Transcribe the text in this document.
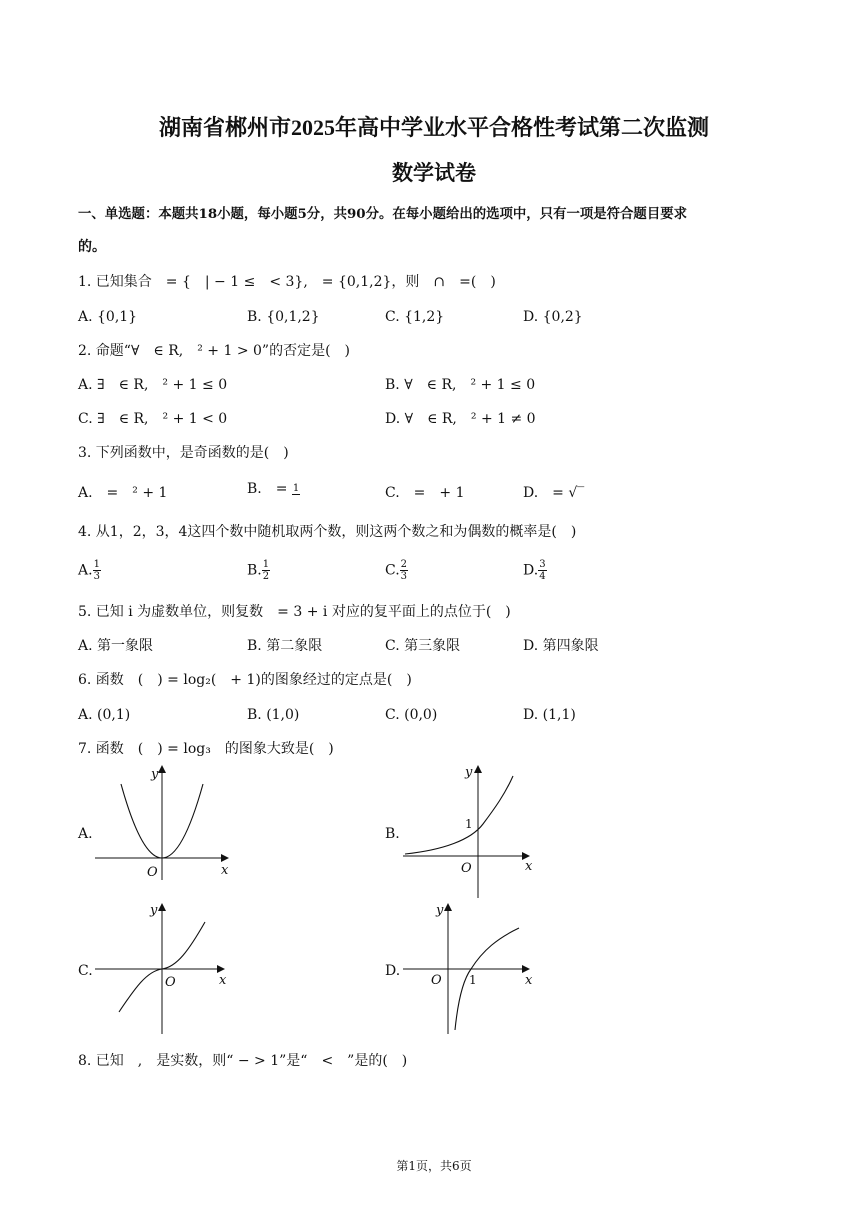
湖南省郴州市2025年高中学业水平合格性考试第二次监测
数学试卷
一、单选题：本题共18小题，每小题5分，共90分。在每小题给出的选项中，只有一项是符合题目要求
的。
1. 已知集合　= {　| − 1 ≤　< 3},　= {0,1,2}，则　∩　=(　)
A. {0,1}	B. {0,1,2}	C. {1,2}	D. {0,2}
2. 命题“∀　∈ R,　² + 1 > 0”的否定是(　)
A. ∃　∈ R,　² + 1 ≤ 0	B. ∀　∈ R,　² + 1 ≤ 0
C. ∃　∈ R,　² + 1 < 0	D. ∀　∈ R,　² + 1 ≠ 0
3. 下列函数中，是奇函数的是(　)
A.　=　² + 1	B.　= 1	C.　=　+ 1	D.　= √‾
4. 从1，2，3，4这四个数中随机取两个数，则这两个数之和为偶数的概率是(　)
A. $\frac{1}{3}$	B. $\frac{1}{2}$	C. $\frac{2}{3}$	D. $\frac{3}{4}$
5. 已知 i 为虚数单位，则复数　= 3 + i 对应的复平面上的点位于(　)
A. 第一象限	B. 第二象限	C. 第三象限	D. 第四象限
6. 函数　(　) = log₂(　+ 1)的图象经过的定点是(　)
A. (0,1)	B. (1,0)	C. (0,0)	D. (1,1)
7. 函数　(　) = log₃　的图象大致是(　)
A.
y
x
O
B.
y
1
x
O
C.
y
x
O
D.
y
x
O 1
8. 已知　,　是实数，则“ − > 1”是“　<　”是的(　)
第1页，共6页
